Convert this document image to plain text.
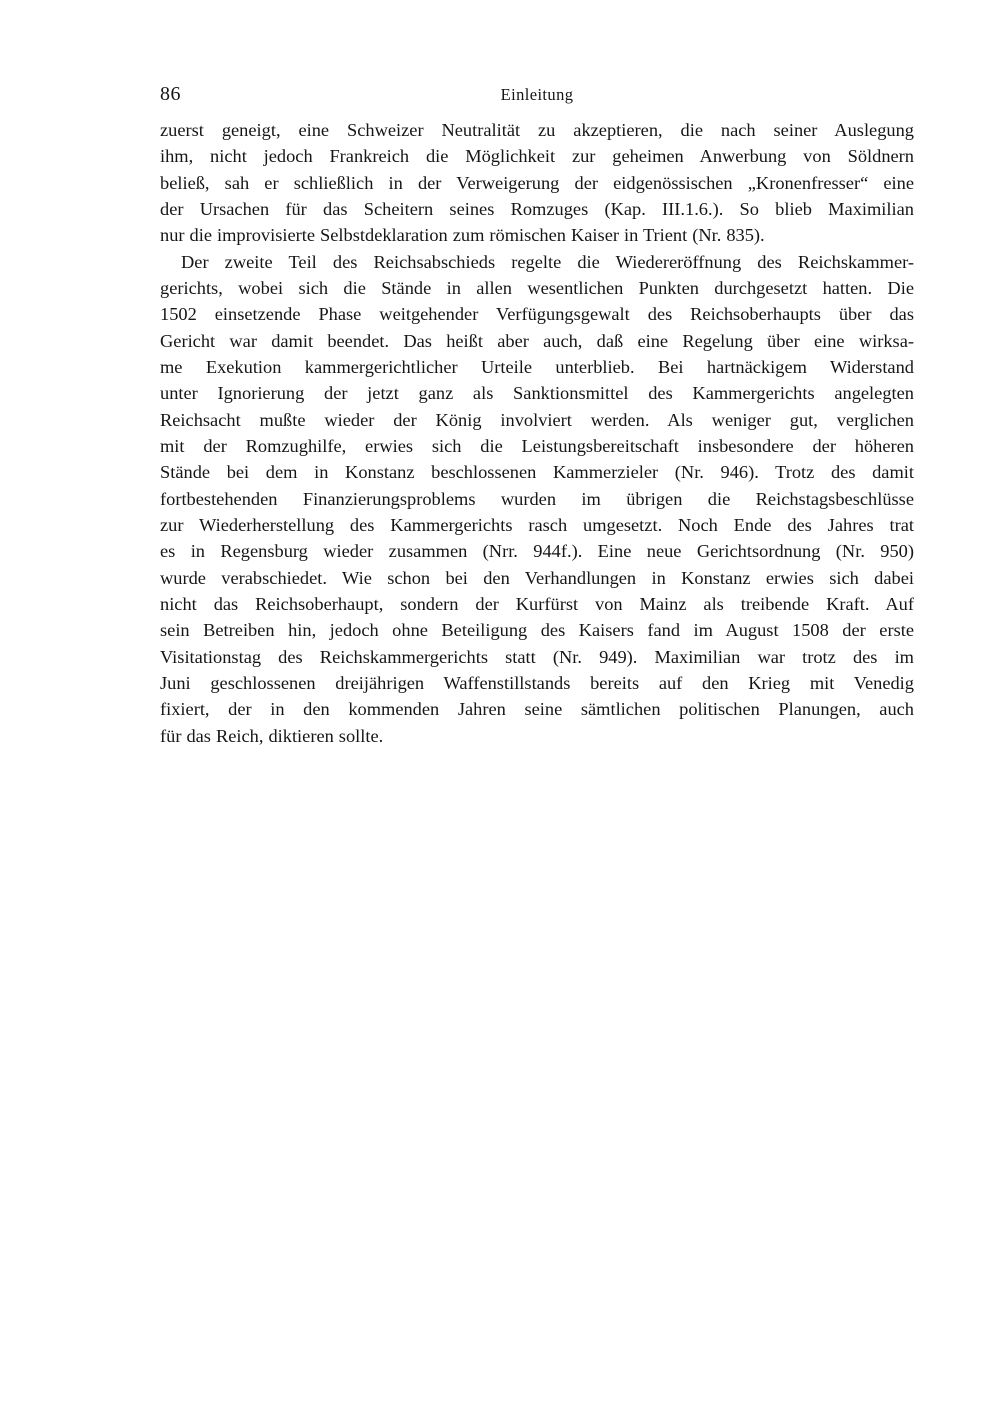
86	Einleitung
zuerst geneigt, eine Schweizer Neutralität zu akzeptieren, die nach seiner Auslegung
ihm, nicht jedoch Frankreich die Möglichkeit zur geheimen Anwerbung von Söldnern
beließ, sah er schließlich in der Verweigerung der eidgenössischen „Kronenfresser“ eine
der Ursachen für das Scheitern seines Romzuges (Kap. III.1.6.). So blieb Maximilian
nur die improvisierte Selbstdeklaration zum römischen Kaiser in Trient (Nr. 835).
Der zweite Teil des Reichsabschieds regelte die Wiedereröffnung des Reichskammer-
gerichts, wobei sich die Stände in allen wesentlichen Punkten durchgesetzt hatten. Die
1502 einsetzende Phase weitgehender Verfügungsgewalt des Reichsoberhaupts über das
Gericht war damit beendet. Das heißt aber auch, daß eine Regelung über eine wirksa-
me Exekution kammergerichtlicher Urteile unterblieb. Bei hartnäckigem Widerstand
unter Ignorierung der jetzt ganz als Sanktionsmittel des Kammergerichts angelegten
Reichsacht mußte wieder der König involviert werden. Als weniger gut, verglichen
mit der Romzughilfe, erwies sich die Leistungsbereitschaft insbesondere der höheren
Stände bei dem in Konstanz beschlossenen Kammerzieler (Nr. 946). Trotz des damit
fortbestehenden Finanzierungsproblems wurden im übrigen die Reichstagsbeschlüsse
zur Wiederherstellung des Kammergerichts rasch umgesetzt. Noch Ende des Jahres trat
es in Regensburg wieder zusammen (Nrr. 944f.). Eine neue Gerichtsordnung (Nr. 950)
wurde verabschiedet. Wie schon bei den Verhandlungen in Konstanz erwies sich dabei
nicht das Reichsoberhaupt, sondern der Kurfürst von Mainz als treibende Kraft. Auf
sein Betreiben hin, jedoch ohne Beteiligung des Kaisers fand im August 1508 der erste
Visitationstag des Reichskammergerichts statt (Nr. 949). Maximilian war trotz des im
Juni geschlossenen dreijährigen Waffenstillstands bereits auf den Krieg mit Venedig
fixiert, der in den kommenden Jahren seine sämtlichen politischen Planungen, auch
für das Reich, diktieren sollte.
